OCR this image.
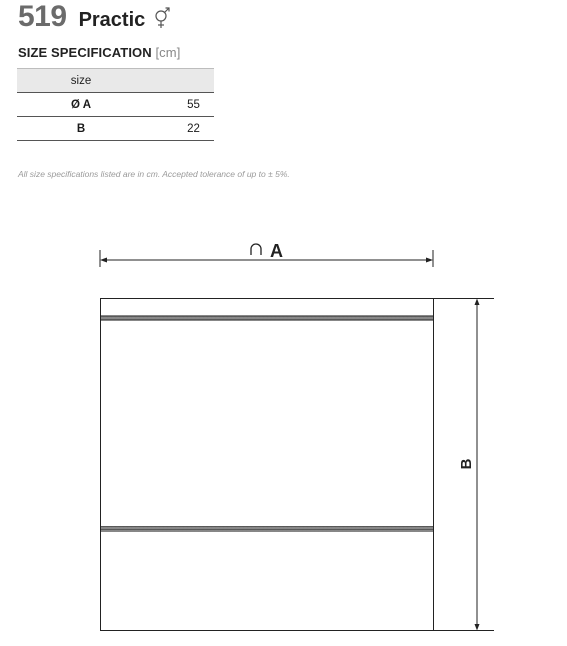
519 Practic
SIZE SPECIFICATION [cm]
size	
Ø A	55
B	22
All size specifications listed are in cm. Accepted tolerance of up to ± 5%.
A
B
